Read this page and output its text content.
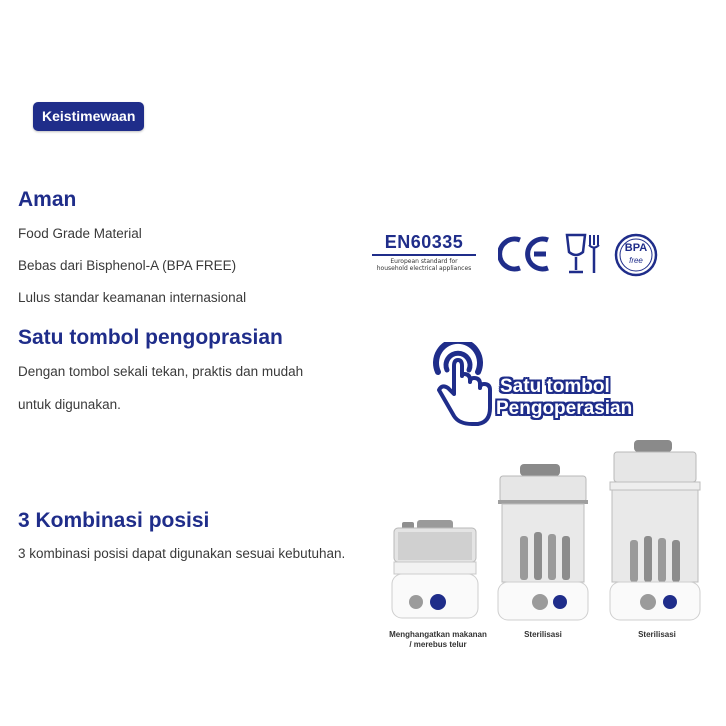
Keistimewaan
Aman
Food Grade Material
Bebas dari Bisphenol-A (BPA FREE)
Lulus standar keamanan internasional
Satu tombol pengoprasian
Dengan tombol sekali tekan, praktis dan mudah
untuk digunakan.
3 Kombinasi posisi
3 kombinasi posisi dapat digunakan sesuai kebutuhan.
EN60335
European standard for
household electrical appliances
BPA
free
Satu tombol
Pengoperasian
Menghangatkan makanan
/ merebus telur
Sterilisasi	Sterilisasi
